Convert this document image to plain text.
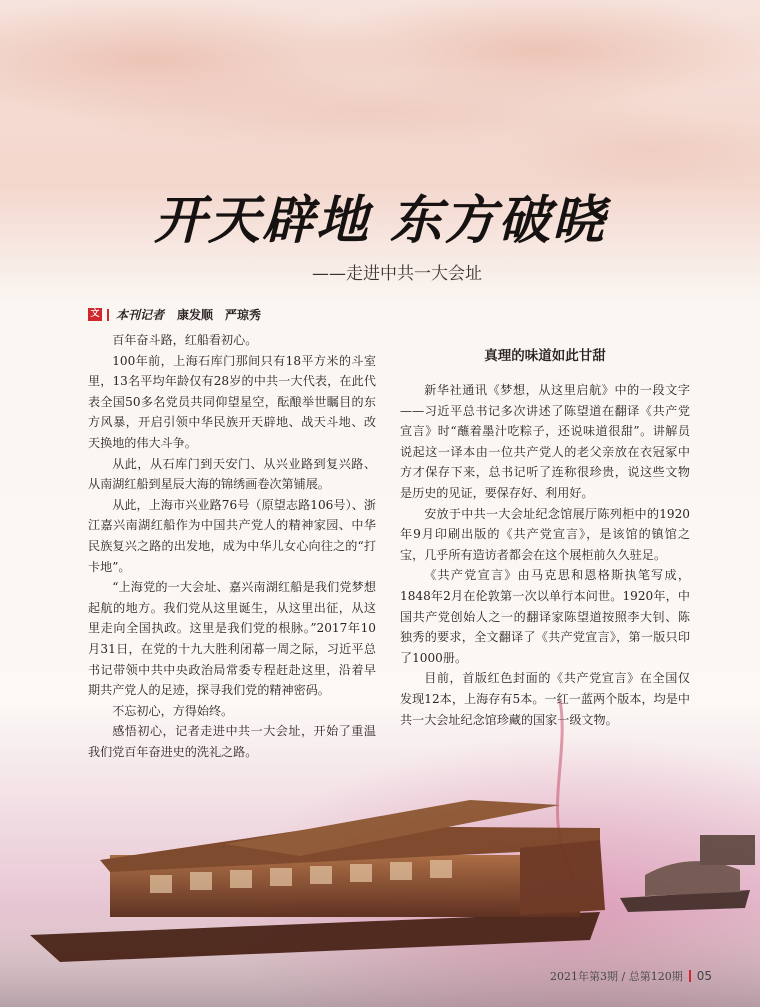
开天辟地 东方破晓

——走进中共一大会址

文 本刊记者 康发顺　严琼秀

百年奋斗路，红船看初心。

100年前，上海石库门那间只有18平方米的斗室里，13名平均年龄仅有28岁的中共一大代表，在此代表全国50多名党员共同仰望星空，酝酿举世瞩目的东方风暴，开启引领中华民族开天辟地、战天斗地、改天换地的伟大斗争。

从此，从石库门到天安门、从兴业路到复兴路、从南湖红船到星辰大海的锦绣画卷次第铺展。

从此，上海市兴业路76号（原望志路106号）、浙江嘉兴南湖红船作为中国共产党人的精神家园、中华民族复兴之路的出发地，成为中华儿女心向往之的“打卡地”。

“上海党的一大会址、嘉兴南湖红船是我们党梦想起航的地方。我们党从这里诞生，从这里出征，从这里走向全国执政。这里是我们党的根脉。”2017年10月31日，在党的十九大胜利闭幕一周之际，习近平总书记带领中共中央政治局常委专程赶赴这里，沿着早期共产党人的足迹，探寻我们党的精神密码。

不忘初心，方得始终。

感悟初心，记者走进中共一大会址，开始了重温我们党百年奋进史的洗礼之路。

真理的味道如此甘甜

新华社通讯《梦想，从这里启航》中的一段文字——习近平总书记多次讲述了陈望道在翻译《共产党宣言》时“蘸着墨汁吃粽子，还说味道很甜”。讲解员说起这一译本由一位共产党人的老父亲放在衣冠冢中方才保存下来，总书记听了连称很珍贵，说这些文物是历史的见证，要保存好、利用好。

安放于中共一大会址纪念馆展厅陈列柜中的1920年9月印刷出版的《共产党宣言》，是该馆的镇馆之宝，几乎所有造访者都会在这个展柜前久久驻足。

《共产党宣言》由马克思和恩格斯执笔写成，1848年2月在伦敦第一次以单行本问世。1920年，中国共产党创始人之一的翻译家陈望道按照李大钊、陈独秀的要求，全文翻译了《共产党宣言》，第一版只印了1000册。

目前，首版红色封面的《共产党宣言》在全国仅发现12本，上海存有5本。一红一蓝两个版本，均是中共一大会址纪念馆珍藏的国家一级文物。

2021年第3期 / 总第120期 05
